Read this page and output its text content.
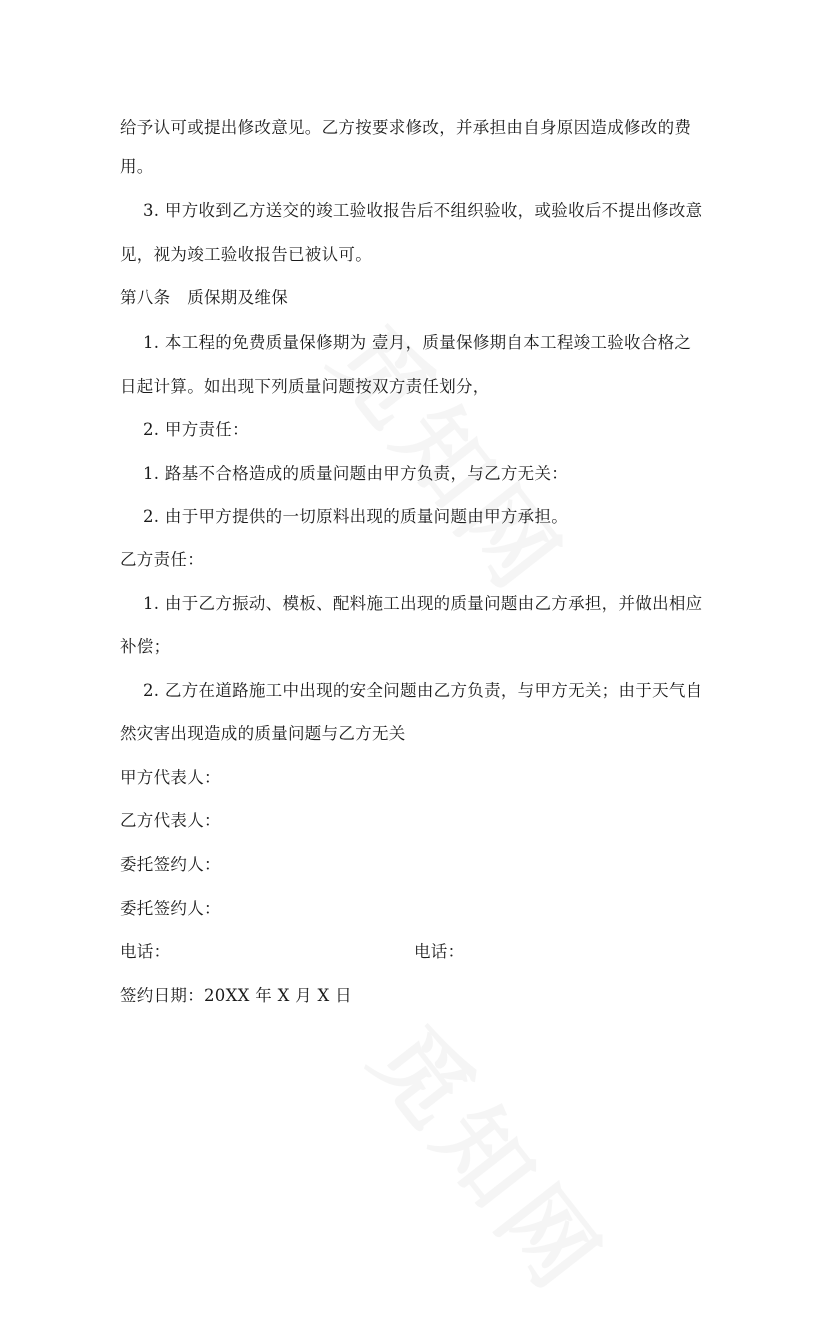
给予认可或提出修改意见。乙方按要求修改，并承担由自身原因造成修改的费
用。
3. 甲方收到乙方送交的竣工验收报告后不组织验收，或验收后不提出修改意
见，视为竣工验收报告已被认可。
第八条　质保期及维保
1. 本工程的免费质量保修期为 壹月，质量保修期自本工程竣工验收合格之
日起计算。如出现下列质量问题按双方责任划分，
2. 甲方责任：
1. 路基不合格造成的质量问题由甲方负责，与乙方无关：
2. 由于甲方提供的一切原料出现的质量问题由甲方承担。
乙方责任：
1. 由于乙方振动、模板、配料施工出现的质量问题由乙方承担，并做出相应
补偿；
2. 乙方在道路施工中出现的安全问题由乙方负责，与甲方无关；由于天气自
然灾害出现造成的质量问题与乙方无关
甲方代表人：
乙方代表人：
委托签约人：
委托签约人：
电话：	电话：
签约日期：20XX 年 X 月 X 日
